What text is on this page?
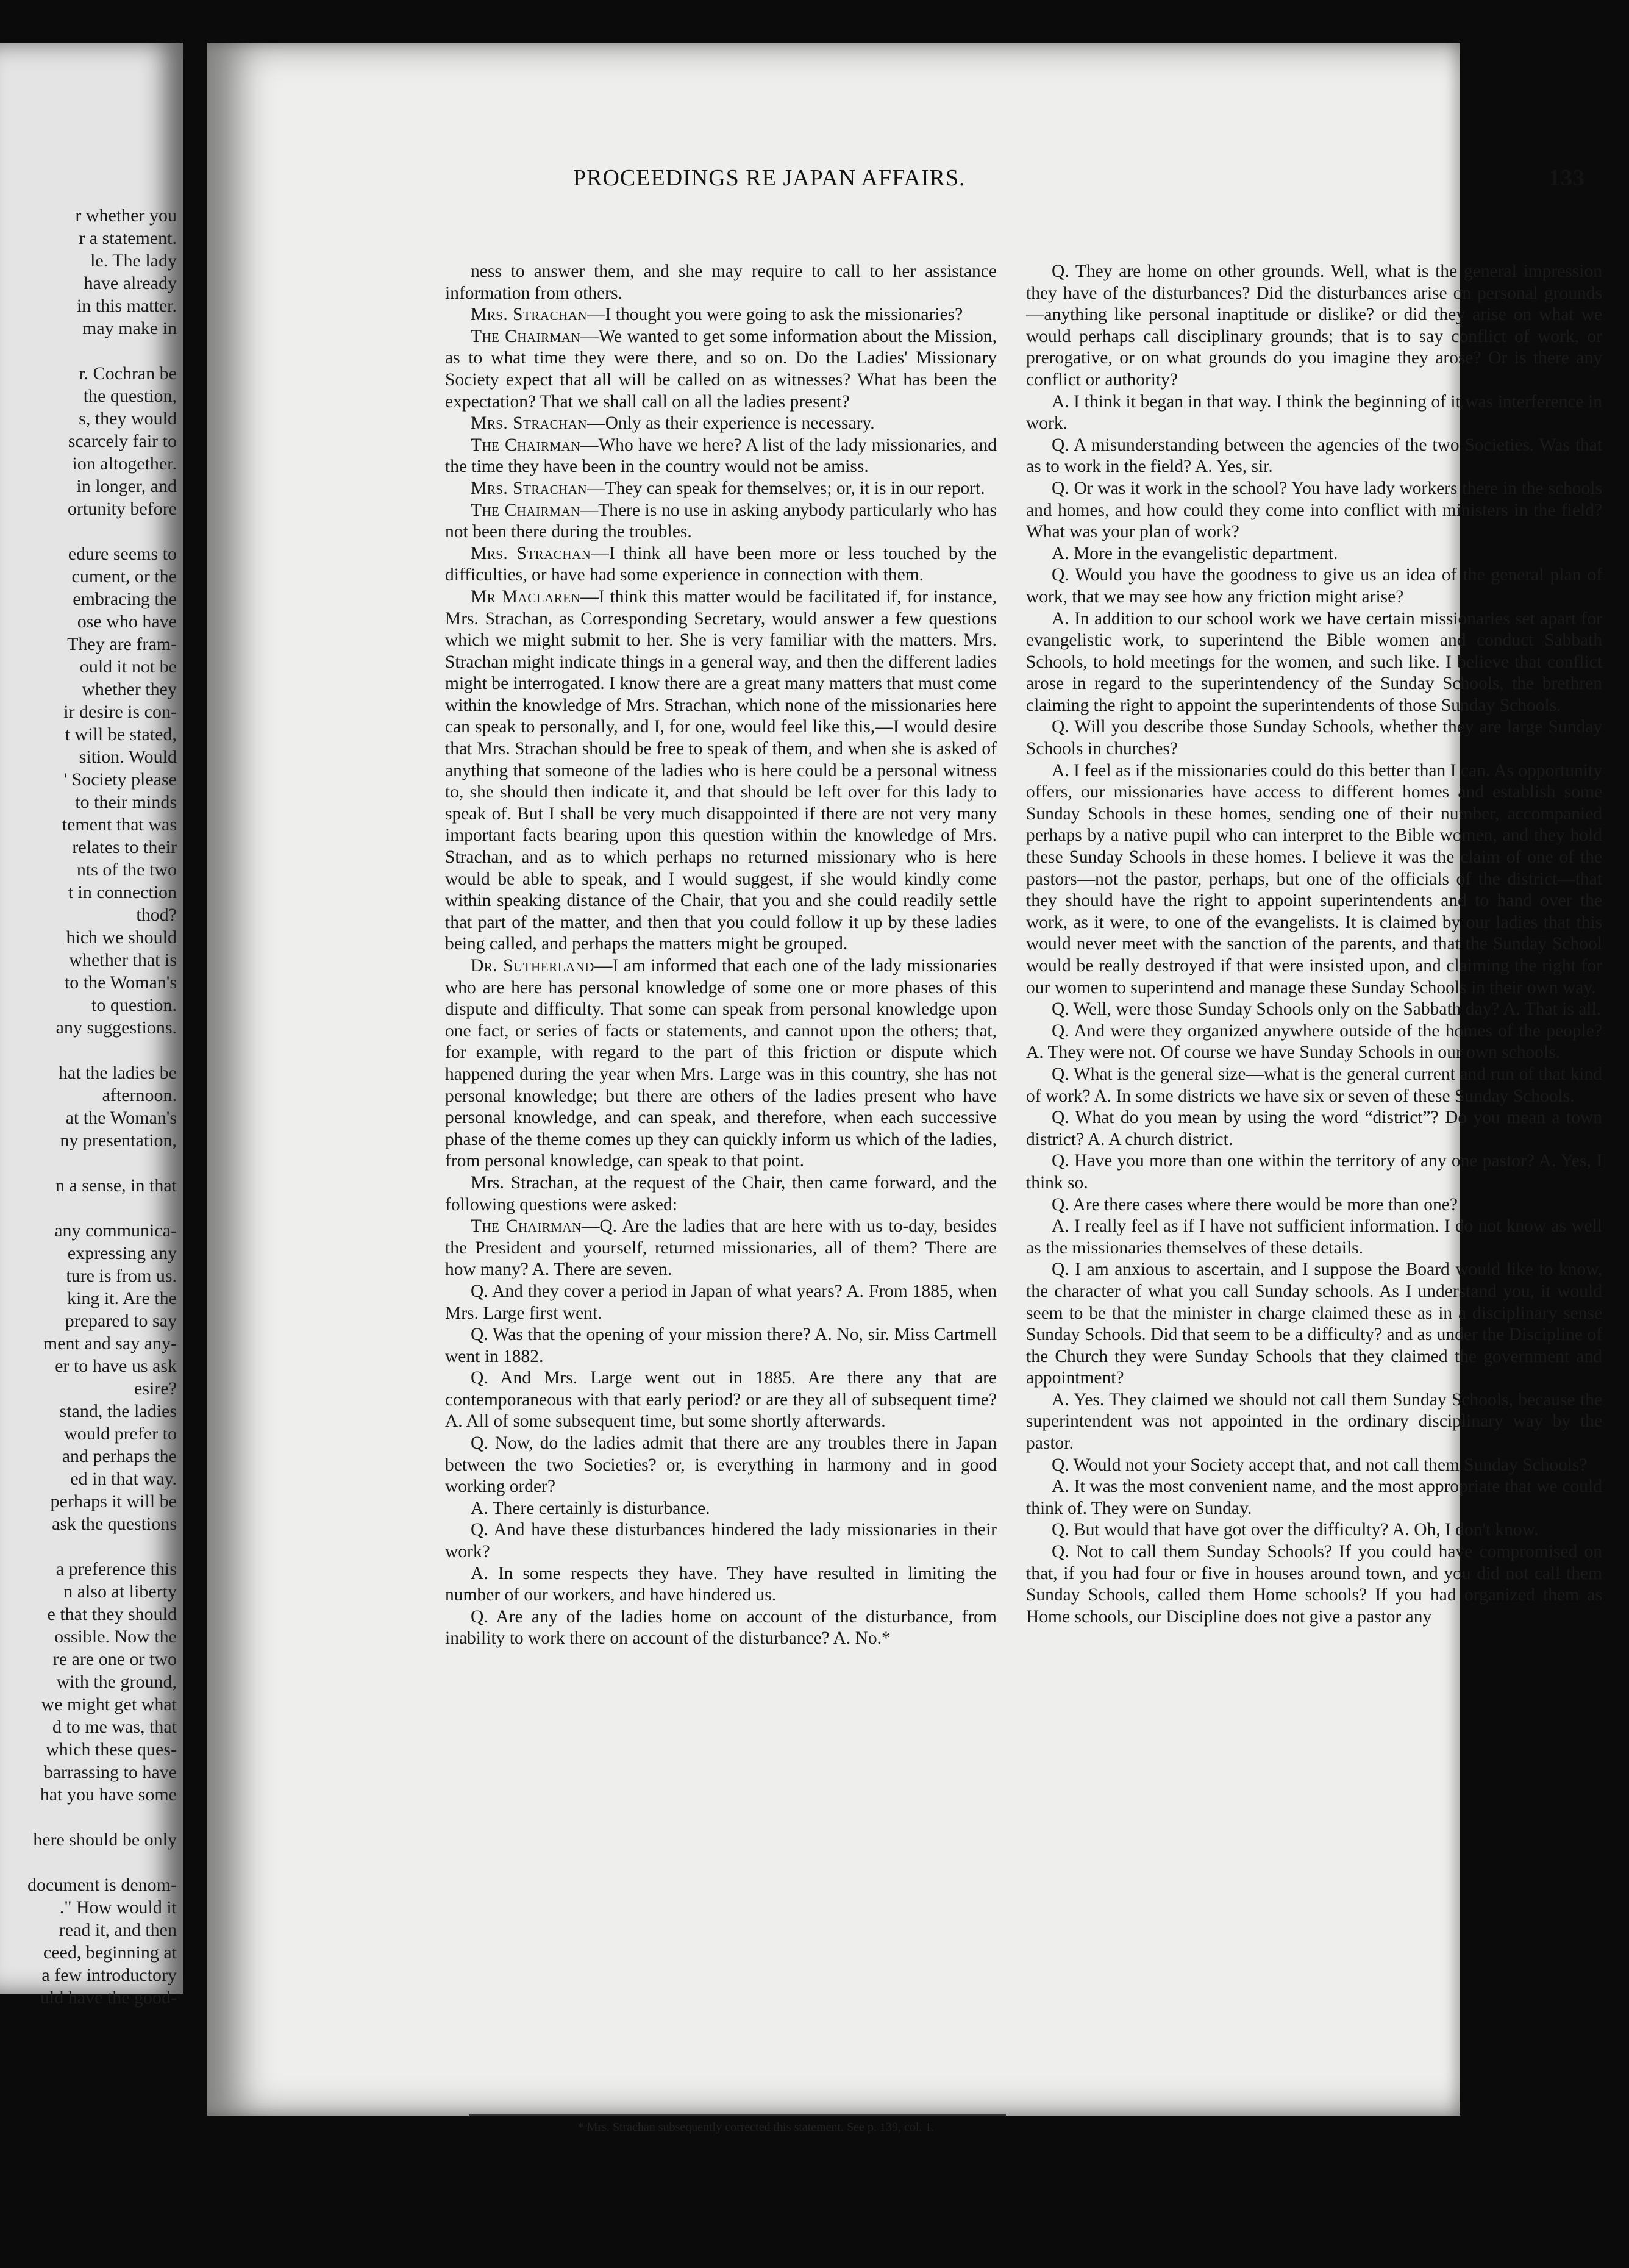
r whether you
r a statement.
le. The lady
have already
in this matter.
may make in
r. Cochran be
the question,
s, they would
scarcely fair to
ion altogether.
in longer, and
ortunity before
edure seems to
cument, or the
embracing the
ose who have
They are fram-
ould it not be
whether they
ir desire is con-
t will be stated,
sition. Would
' Society please
to their minds
tement that was
relates to their
nts of the two
t in connection
thod?
hich we should
whether that is
to the Woman's
to question.
any suggestions.
hat the ladies be
afternoon.
at the Woman's
ny presentation,
n a sense, in that
any communica-
expressing any
ture is from us.
king it. Are the
prepared to say
ment and say any-
er to have us ask
esire?
stand, the ladies
would prefer to
and perhaps the
ed in that way.
perhaps it will be
ask the questions
a preference this
n also at liberty
e that they should
ossible. Now the
re are one or two
with the ground,
we might get what
d to me was, that
which these ques-
barrassing to have
hat you have some
here should be only
document is denom-
." How would it
read it, and then
ceed, beginning at
a few introductory
uld have the good-
PROCEEDINGS RE JAPAN AFFAIRS.	133

ness to answer them, and she may require to call to her assistance information from others.

Mrs. Strachan—I thought you were going to ask the missionaries?

The Chairman—We wanted to get some information about the Mission, as to what time they were there, and so on. Do the Ladies' Missionary Society expect that all will be called on as witnesses? What has been the expectation? That we shall call on all the ladies present?

Mrs. Strachan—Only as their experience is necessary.

The Chairman—Who have we here? A list of the lady missionaries, and the time they have been in the country would not be amiss.

Mrs. Strachan—They can speak for themselves; or, it is in our report.

The Chairman—There is no use in asking anybody particularly who has not been there during the troubles.

Mrs. Strachan—I think all have been more or less touched by the difficulties, or have had some experience in connection with them.

Mr Maclaren—I think this matter would be facilitated if, for instance, Mrs. Strachan, as Corresponding Secretary, would answer a few questions which we might submit to her. She is very familiar with the matters. Mrs. Strachan might indicate things in a general way, and then the different ladies might be interrogated. I know there are a great many matters that must come within the knowledge of Mrs. Strachan, which none of the missionaries here can speak to personally, and I, for one, would feel like this,—I would desire that Mrs. Strachan should be free to speak of them, and when she is asked of anything that someone of the ladies who is here could be a personal witness to, she should then indicate it, and that should be left over for this lady to speak of. But I shall be very much disappointed if there are not very many important facts bearing upon this question within the knowledge of Mrs. Strachan, and as to which perhaps no returned missionary who is here would be able to speak, and I would suggest, if she would kindly come within speaking distance of the Chair, that you and she could readily settle that part of the matter, and then that you could follow it up by these ladies being called, and perhaps the matters might be grouped.

Dr. Sutherland—I am informed that each one of the lady missionaries who are here has personal knowledge of some one or more phases of this dispute and difficulty. That some can speak from personal knowledge upon one fact, or series of facts or statements, and cannot upon the others; that, for example, with regard to the part of this friction or dispute which happened during the year when Mrs. Large was in this country, she has not personal knowledge; but there are others of the ladies present who have personal knowledge, and can speak, and therefore, when each successive phase of the theme comes up they can quickly inform us which of the ladies, from personal knowledge, can speak to that point.

Mrs. Strachan, at the request of the Chair, then came forward, and the following questions were asked:

The Chairman—Q. Are the ladies that are here with us to-day, besides the President and yourself, returned missionaries, all of them? There are how many? A. There are seven.

Q. And they cover a period in Japan of what years? A. From 1885, when Mrs. Large first went.

Q. Was that the opening of your mission there? A. No, sir. Miss Cartmell went in 1882.

Q. And Mrs. Large went out in 1885. Are there any that are contemporaneous with that early period? or are they all of subsequent time? A. All of some subsequent time, but some shortly afterwards.

Q. Now, do the ladies admit that there are any troubles there in Japan between the two Societies? or, is everything in harmony and in good working order?

A. There certainly is disturbance.

Q. And have these disturbances hindered the lady missionaries in their work?

A. In some respects they have. They have resulted in limiting the number of our workers, and have hindered us.

Q. Are any of the ladies home on account of the disturbance, from inability to work there on account of the disturbance? A. No.*

Q. They are home on other grounds. Well, what is the general impression they have of the disturbances? Did the disturbances arise on personal grounds—anything like personal inaptitude or dislike? or did they arise on what we would perhaps call disciplinary grounds; that is to say conflict of work, or prerogative, or on what grounds do you imagine they arose? Or is there any conflict or authority?

A. I think it began in that way. I think the beginning of it was interference in work.

Q. A misunderstanding between the agencies of the two Societies. Was that as to work in the field? A. Yes, sir.

Q. Or was it work in the school? You have lady workers there in the schools and homes, and how could they come into conflict with ministers in the field? What was your plan of work?

A. More in the evangelistic department.

Q. Would you have the goodness to give us an idea of the general plan of work, that we may see how any friction might arise?

A. In addition to our school work we have certain missionaries set apart for evangelistic work, to superintend the Bible women and conduct Sabbath Schools, to hold meetings for the women, and such like. I believe that conflict arose in regard to the superintendency of the Sunday Schools, the brethren claiming the right to appoint the superintendents of those Sunday Schools.

Q. Will you describe those Sunday Schools, whether they are large Sunday Schools in churches?

A. I feel as if the missionaries could do this better than I can. As opportunity offers, our missionaries have access to different homes and establish some Sunday Schools in these homes, sending one of their number, accompanied perhaps by a native pupil who can interpret to the Bible women, and they hold these Sunday Schools in these homes. I believe it was the claim of one of the pastors—not the pastor, perhaps, but one of the officials of the district—that they should have the right to appoint superintendents and to hand over the work, as it were, to one of the evangelists. It is claimed by our ladies that this would never meet with the sanction of the parents, and that the Sunday School would be really destroyed if that were insisted upon, and claiming the right for our women to superintend and manage these Sunday Schools in their own way.

Q. Well, were those Sunday Schools only on the Sabbath day? A. That is all.

Q. And were they organized anywhere outside of the homes of the people? A. They were not. Of course we have Sunday Schools in our own schools.

Q. What is the general size—what is the general current and run of that kind of work? A. In some districts we have six or seven of these Sunday Schools.

Q. What do you mean by using the word “district”? Do you mean a town district? A. A church district.

Q. Have you more than one within the territory of any one pastor? A. Yes, I think so.

Q. Are there cases where there would be more than one?

A. I really feel as if I have not sufficient information. I do not know as well as the missionaries themselves of these details.

Q. I am anxious to ascertain, and I suppose the Board would like to know, the character of what you call Sunday schools. As I understand you, it would seem to be that the minister in charge claimed these as in a disciplinary sense Sunday Schools. Did that seem to be a difficulty? and as under the Discipline of the Church they were Sunday Schools that they claimed the government and appointment?

A. Yes. They claimed we should not call them Sunday Schools, because the superintendent was not appointed in the ordinary disciplinary way by the pastor.

Q. Would not your Society accept that, and not call them Sunday Schools?

A. It was the most convenient name, and the most appropriate that we could think of. They were on Sunday.

Q. But would that have got over the difficulty? A. Oh, I don't know.

Q. Not to call them Sunday Schools? If you could have compromised on that, if you had four or five in houses around town, and you did not call them Sunday Schools, called them Home schools? If you had organized them as Home schools, our Discipline does not give a pastor any

* Mrs. Strachan subsequently corrected this statement. See p. 139, col. 1.
